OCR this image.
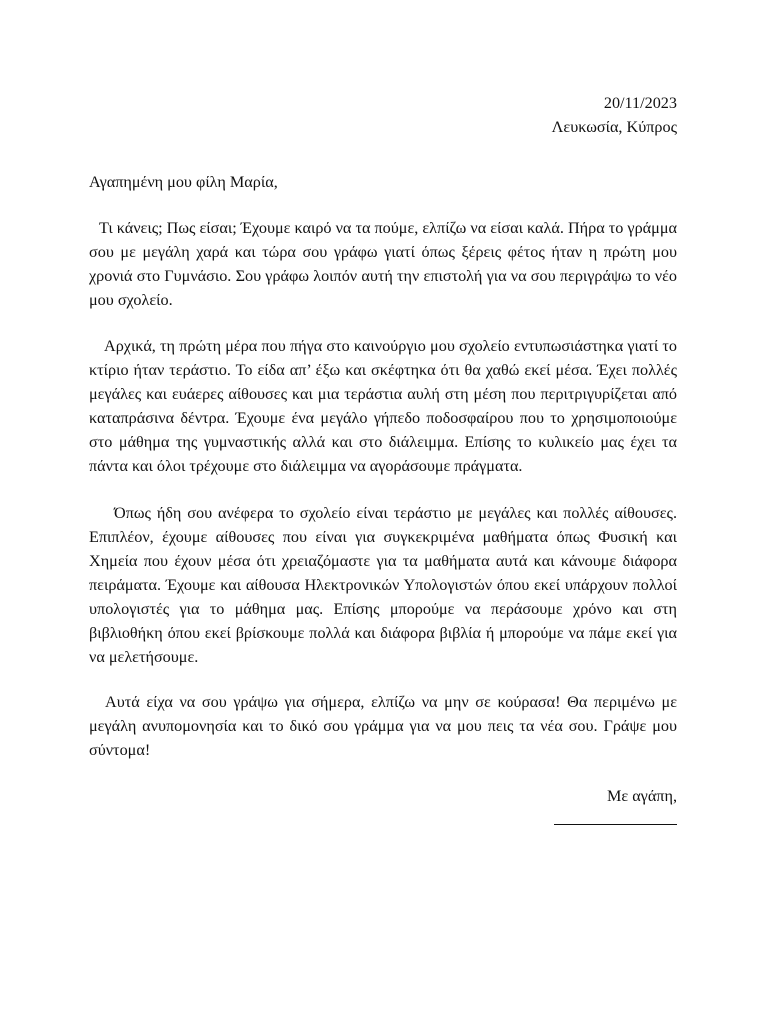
20/11/2023
Λευκωσία, Κύπρος
Αγαπημένη μου φίλη Μαρία,

Τι κάνεις; Πως είσαι; Έχουμε καιρό να τα πούμε, ελπίζω να είσαι καλά. Πήρα το γράμμα σου με μεγάλη χαρά και τώρα σου γράφω γιατί όπως ξέρεις φέτος ήταν η πρώτη μου χρονιά στο Γυμνάσιο. Σου γράφω λοιπόν αυτή την επιστολή για να σου περιγράψω το νέο μου σχολείο.

Αρχικά, τη πρώτη μέρα που πήγα στο καινούργιο μου σχολείο εντυπωσιάστηκα γιατί το κτίριο ήταν τεράστιο. Το είδα απ’ έξω και σκέφτηκα ότι θα χαθώ εκεί μέσα. Έχει πολλές μεγάλες και ευάερες αίθουσες και μια τεράστια αυλή στη μέση που περιτριγυρίζεται από καταπράσινα δέντρα. Έχουμε ένα μεγάλο γήπεδο ποδοσφαίρου που το χρησιμοποιούμε στο μάθημα της γυμναστικής αλλά και στο διάλειμμα. Επίσης το κυλικείο μας έχει τα πάντα και όλοι τρέχουμε στο διάλειμμα να αγοράσουμε πράγματα.

Όπως ήδη σου ανέφερα το σχολείο είναι τεράστιο με μεγάλες και πολλές αίθουσες. Επιπλέον, έχουμε αίθουσες που είναι για συγκεκριμένα μαθήματα όπως Φυσική και Χημεία που έχουν μέσα ότι χρειαζόμαστε για τα μαθήματα αυτά και κάνουμε διάφορα πειράματα. Έχουμε και αίθουσα Ηλεκτρονικών Υπολογιστών όπου εκεί υπάρχουν πολλοί υπολογιστές για το μάθημα μας. Επίσης μπορούμε να περάσουμε χρόνο και στη βιβλιοθήκη όπου εκεί βρίσκουμε πολλά και διάφορα βιβλία ή μπορούμε να πάμε εκεί για να μελετήσουμε.

Αυτά είχα να σου γράψω για σήμερα, ελπίζω να μην σε κούρασα! Θα περιμένω με μεγάλη ανυπομονησία και το δικό σου γράμμα για να μου πεις τα νέα σου. Γράψε μου σύντομα!

Με αγάπη,
